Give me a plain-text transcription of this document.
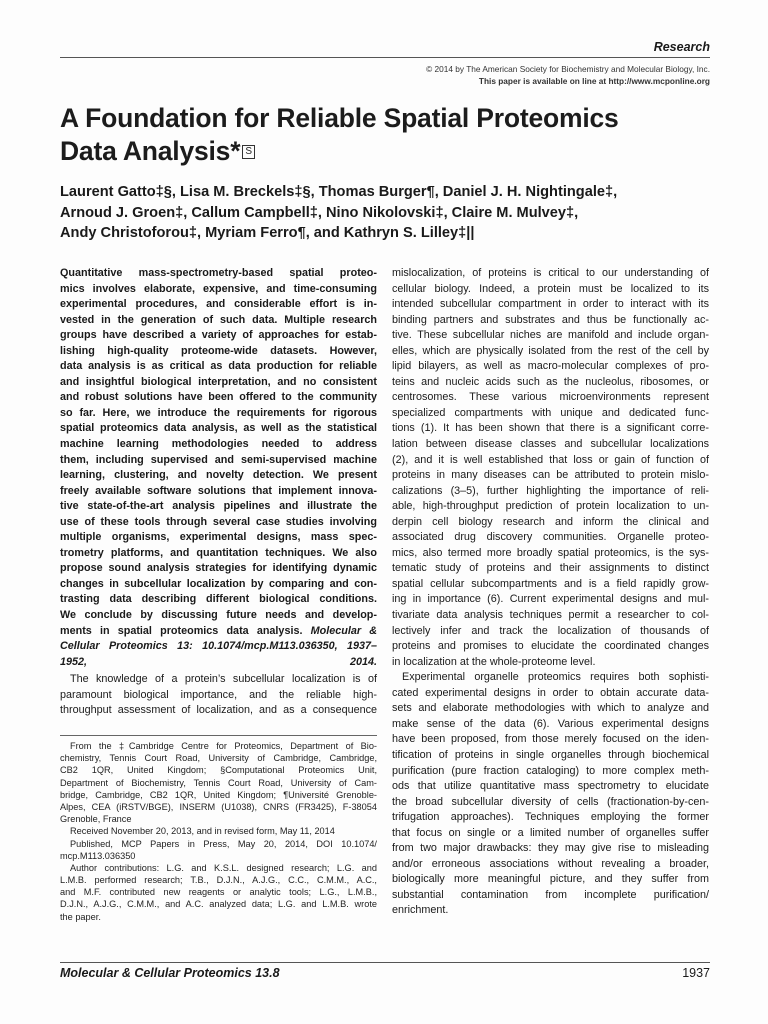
Research
© 2014 by The American Society for Biochemistry and Molecular Biology, Inc.
This paper is available on line at http://www.mcponline.org
A Foundation for Reliable Spatial Proteomics
Data Analysis* S
Laurent Gatto‡§, Lisa M. Breckels‡§, Thomas Burger¶, Daniel J. H. Nightingale‡,
Arnoud J. Groen‡, Callum Campbell‡, Nino Nikolovski‡, Claire M. Mulvey‡,
Andy Christoforou‡, Myriam Ferro¶, and Kathryn S. Lilley‡||
Quantitative mass-spectrometry-based spatial proteo-
mics involves elaborate, expensive, and time-consuming
experimental procedures, and considerable effort is in-
vested in the generation of such data. Multiple research
groups have described a variety of approaches for estab-
lishing high-quality proteome-wide datasets. However,
data analysis is as critical as data production for reliable
and insightful biological interpretation, and no consistent
and robust solutions have been offered to the community
so far. Here, we introduce the requirements for rigorous
spatial proteomics data analysis, as well as the statistical
machine learning methodologies needed to address
them, including supervised and semi-supervised machine
learning, clustering, and novelty detection. We present
freely available software solutions that implement innova-
tive state-of-the-art analysis pipelines and illustrate the
use of these tools through several case studies involving
multiple organisms, experimental designs, mass spec-
trometry platforms, and quantitation techniques. We also
propose sound analysis strategies for identifying dynamic
changes in subcellular localization by comparing and con-
trasting data describing different biological conditions.
We conclude by discussing future needs and develop-
ments in spatial proteomics data analysis. Molecular &
Cellular Proteomics 13: 10.1074/mcp.M113.036350, 1937–
1952, 2014.
The knowledge of a protein’s subcellular localization is of
paramount biological importance, and the reliable high-
throughput assessment of localization, and as a consequence
From the ‡Cambridge Centre for Proteomics, Department of Bio-
chemistry, Tennis Court Road, University of Cambridge, Cambridge,
CB2 1QR, United Kingdom; §Computational Proteomics Unit,
Department of Biochemistry, Tennis Court Road, University of Cam-
bridge, Cambridge, CB2 1QR, United Kingdom; ¶Université Grenoble-
Alpes, CEA (iRSTV/BGE), INSERM (U1038), CNRS (FR3425), F-38054
Grenoble, France
Received November 20, 2013, and in revised form, May 11, 2014
Published, MCP Papers in Press, May 20, 2014, DOI 10.1074/
mcp.M113.036350
Author contributions: L.G. and K.S.L. designed research; L.G. and
L.M.B. performed research; T.B., D.J.N., A.J.G., C.C., C.M.M., A.C.,
and M.F. contributed new reagents or analytic tools; L.G., L.M.B.,
D.J.N., A.J.G., C.M.M., and A.C. analyzed data; L.G. and L.M.B. wrote
the paper.
mislocalization, of proteins is critical to our understanding of
cellular biology. Indeed, a protein must be localized to its
intended subcellular compartment in order to interact with its
binding partners and substrates and thus be functionally ac-
tive. These subcellular niches are manifold and include organ-
elles, which are physically isolated from the rest of the cell by
lipid bilayers, as well as macro-molecular complexes of pro-
teins and nucleic acids such as the nucleolus, ribosomes, or
centrosomes. These various microenvironments represent
specialized compartments with unique and dedicated func-
tions (1). It has been shown that there is a significant corre-
lation between disease classes and subcellular localizations
(2), and it is well established that loss or gain of function of
proteins in many diseases can be attributed to protein mislo-
calizations (3–5), further highlighting the importance of reli-
able, high-throughput prediction of protein localization to un-
derpin cell biology research and inform the clinical and
associated drug discovery communities. Organelle proteo-
mics, also termed more broadly spatial proteomics, is the sys-
tematic study of proteins and their assignments to distinct
spatial cellular subcompartments and is a field rapidly grow-
ing in importance (6). Current experimental designs and mul-
tivariate data analysis techniques permit a researcher to col-
lectively infer and track the localization of thousands of
proteins and promises to elucidate the coordinated changes
in localization at the whole-proteome level.
Experimental organelle proteomics requires both sophisti-
cated experimental designs in order to obtain accurate data-
sets and elaborate methodologies with which to analyze and
make sense of the data (6). Various experimental designs
have been proposed, from those merely focused on the iden-
tification of proteins in single organelles through biochemical
purification (pure fraction cataloging) to more complex meth-
ods that utilize quantitative mass spectrometry to elucidate
the broad subcellular diversity of cells (fractionation-by-cen-
trifugation approaches). Techniques employing the former
that focus on single or a limited number of organelles suffer
from two major drawbacks: they may give rise to misleading
and/or erroneous associations without revealing a broader,
biologically more meaningful picture, and they suffer from
substantial contamination from incomplete purification/
enrichment.
Molecular & Cellular Proteomics 13.8	1937
